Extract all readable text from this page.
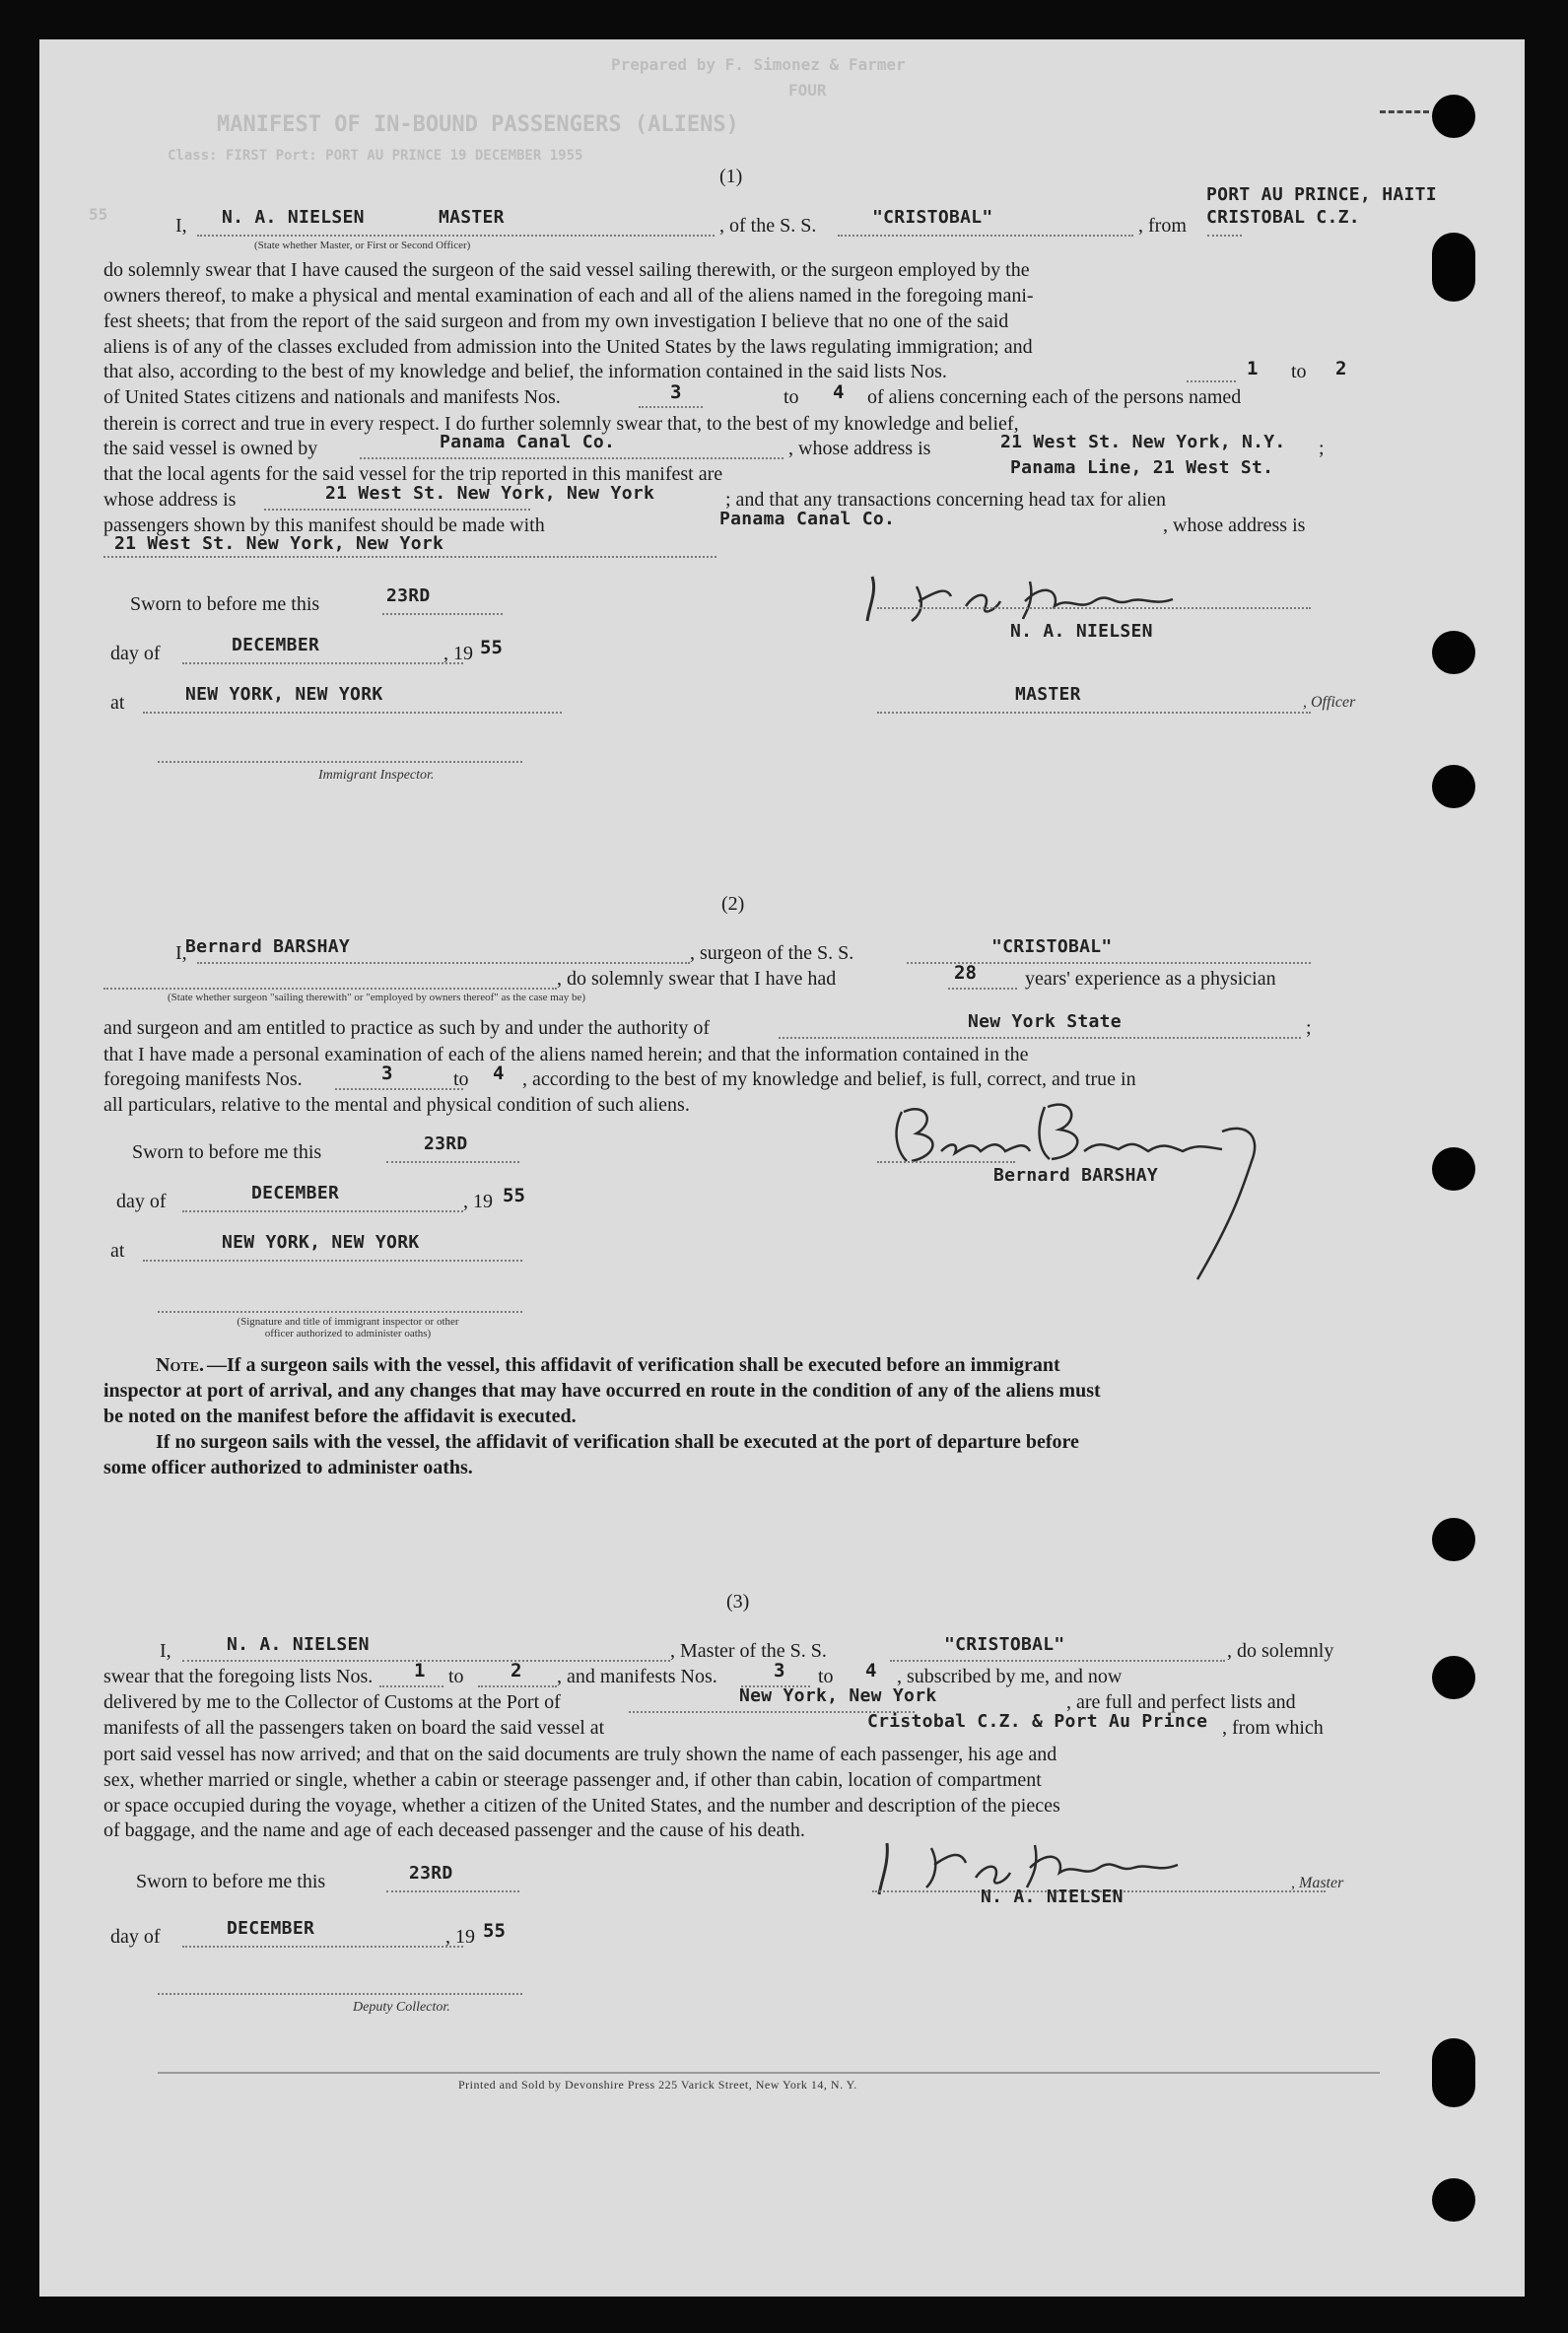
Prepared by F. Simonez & Farmer
FOUR
MANIFEST OF IN-BOUND PASSENGERS (ALIENS)
Class: FIRST Port: PORT AU PRINCE 19 DECEMBER 1955
55
(1)
I, N. A. NIELSEN	MASTER
(State whether Master, or First or Second Officer)
, of the S. S.	"CRISTOBAL"	, from
PORT AU PRINCE, HAITI
CRISTOBAL C.Z.
do solemnly swear that I have caused the surgeon of the said vessel sailing therewith, or the surgeon employed by the
owners thereof, to make a physical and mental examination of each and all of the aliens named in the foregoing mani-
fest sheets; that from the report of the said surgeon and from my own investigation I believe that no one of the said
aliens is of any of the classes excluded from admission into the United States by the laws regulating immigration; and
that also, according to the best of my knowledge and belief, the information contained in the said lists Nos.	1 to 2
of United States citizens and nationals and manifests Nos.	3	to 4 of aliens concerning each of the persons named
therein is correct and true in every respect. I do further solemnly swear that, to the best of my knowledge and belief,
the said vessel is owned by	Panama Canal Co.	, whose address is	21 West St. New York, N.Y. ;
that the local agents for the said vessel for the trip reported in this manifest are	Panama Line, 21 West St.
whose address is	21 West St. New York, New York	; and that any transactions concerning head tax for alien
passengers shown by this manifest should be made with	Panama Canal Co.	, whose address is
21 West St. New York, New York
Sworn to before me this	23RD
N. A. NIELSEN
day of	DECEMBER	, 19 55
at	NEW YORK, NEW YORK	MASTER	, Officer
Immigrant Inspector.
(2)
I,
Bernard BARSHAY	, surgeon of the S. S.	"CRISTOBAL"
, do solemnly swear that I have had	28 years' experience as a physician
(State whether surgeon "sailing therewith" or "employed by owners thereof" as the case may be)
and surgeon and am entitled to practice as such by and under the authority of	New York State	;
that I have made a personal examination of each of the aliens named herein; and that the information contained in the
foregoing manifests Nos.	3	to 4 , according to the best of my knowledge and belief, is full, correct, and true in
all particulars, relative to the mental and physical condition of such aliens.
Sworn to before me this	23RD
Bernard BARSHAY
day of	DECEMBER	, 19 55
at	NEW YORK, NEW YORK
(Signature and title of immigrant inspector or other officer authorized to administer oaths)
Note. —If a surgeon sails with the vessel, this affidavit of verification shall be executed before an immigrant
inspector at port of arrival, and any changes that may have occurred en route in the condition of any of the aliens must
be noted on the manifest before the affidavit is executed.
If no surgeon sails with the vessel, the affidavit of verification shall be executed at the port of departure before
some officer authorized to administer oaths.
(3)
I,	N. A. NIELSEN	, Master of the S. S.	"CRISTOBAL"	, do solemnly
swear that the foregoing lists Nos. 1 to 2 , and manifests Nos.	3 to 4 , subscribed by me, and now
delivered by me to the Collector of Customs at the Port of	New York, New York	, are full and perfect lists and
manifests of all the passengers taken on board the said vessel at	Cristobal C.Z. & Port Au Prince , from which
port said vessel has now arrived; and that on the said documents are truly shown the name of each passenger, his age and
sex, whether married or single, whether a cabin or steerage passenger and, if other than cabin, location of compartment
or space occupied during the voyage, whether a citizen of the United States, and the number and description of the pieces
of baggage, and the name and age of each deceased passenger and the cause of his death.
Sworn to before me this	23RD
N. A. NIELSEN
, Master
day of	DECEMBER	, 19 55
Deputy Collector.
Printed and Sold by Devonshire Press 225 Varick Street, New York 14, N. Y.
